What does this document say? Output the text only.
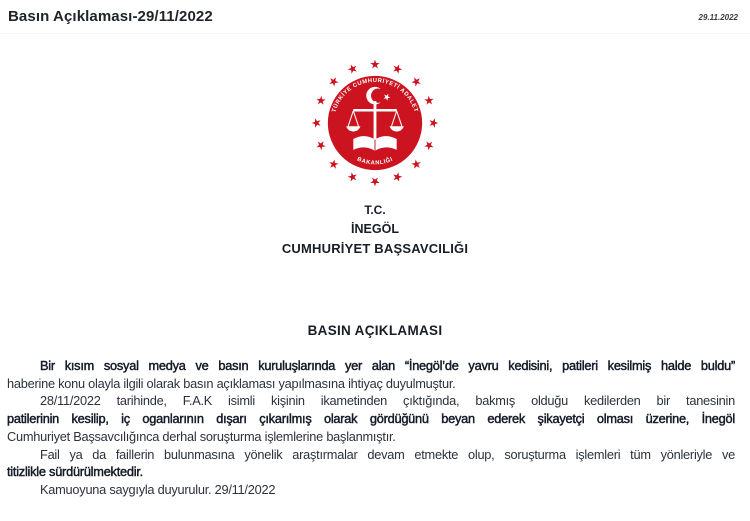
Basın Açıklaması-29/11/2022	29.11.2022
TÜRKİYE CUMHURİYETİ ADALET
BAKANLIĞI
T.C.
İNEGÖL
CUMHURİYET BAŞSAVCILIĞI
BASIN AÇIKLAMASI
Bir kısım sosyal medya ve basın kuruluşlarında yer alan “İnegöl’de yavru kedisini, patileri kesilmiş halde buldu”
haberine konu olayla ilgili olarak basın açıklaması yapılmasına ihtiyaç duyulmuştur.
28/11/2022 tarihinde, F.A.K isimli kişinin ikametinden çıktığında, bakmış olduğu kedilerden bir tanesinin
patilerinin kesilip, iç oganlarının dışarı çıkarılmış olarak gördüğünü beyan ederek şikayetçi olması üzerine, İnegöl
Cumhuriyet Başsavcılığınca derhal soruşturma işlemlerine başlanmıştır.
Fail ya da faillerin bulunmasına yönelik araştırmalar devam etmekte olup, soruşturma işlemleri tüm yönleriyle ve
titizlikle sürdürülmektedir.
Kamuoyuna saygıyla duyurulur. 29/11/2022
